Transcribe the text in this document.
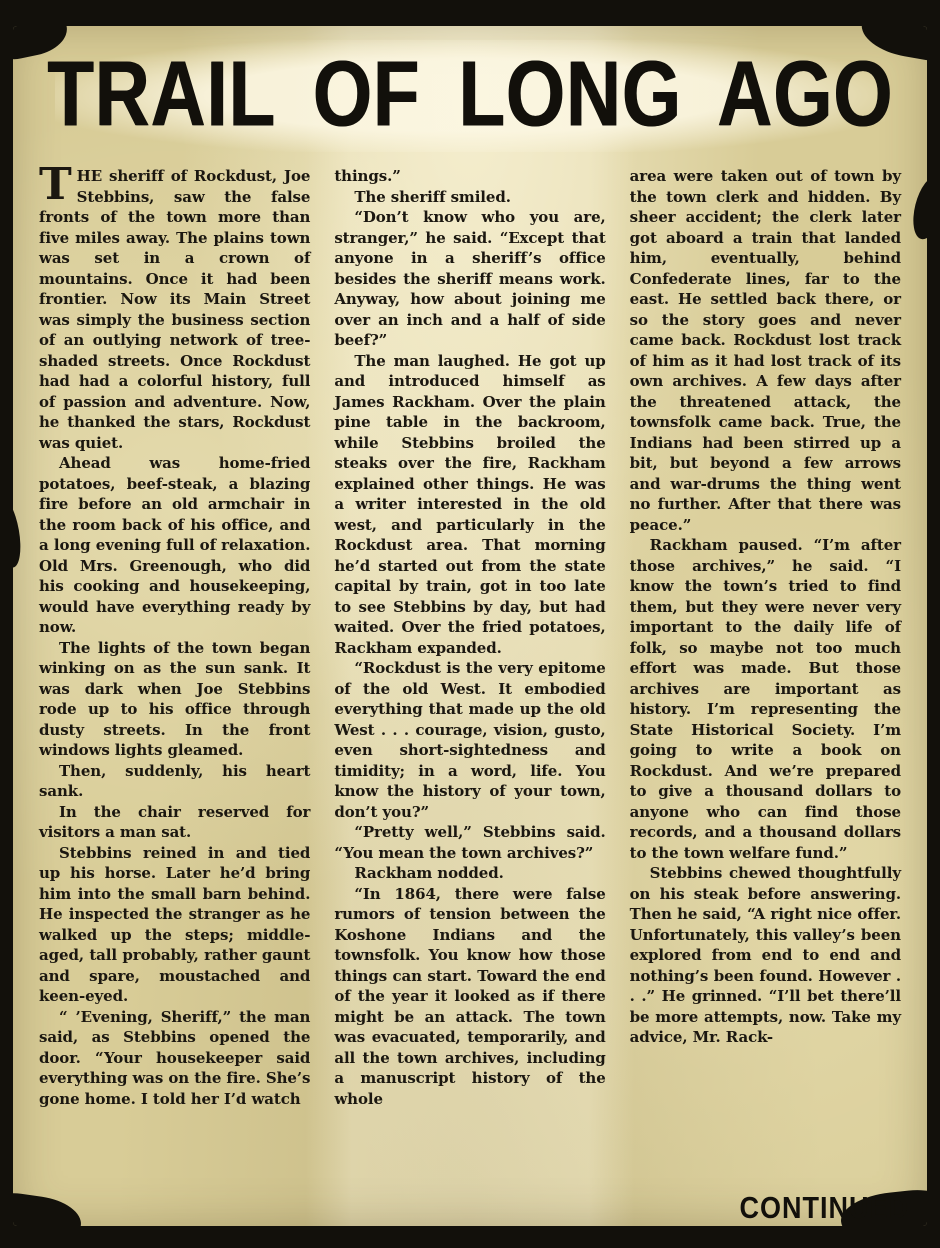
TRAIL OF LONG AGO

THE sheriff of Rockdust, Joe Stebbins, saw the false fronts of the town more than five miles away. The plains town was set in a crown of mountains. Once it had been frontier. Now its Main Street was simply the business section of an outlying network of tree-shaded streets. Once Rockdust had had a colorful history, full of passion and adventure. Now, he thanked the stars, Rockdust was quiet.

Ahead was home-fried potatoes, beef-steak, a blazing fire before an old armchair in the room back of his office, and a long evening full of relaxation. Old Mrs. Greenough, who did his cooking and housekeeping, would have everything ready by now.

The lights of the town began winking on as the sun sank. It was dark when Joe Stebbins rode up to his office through dusty streets. In the front windows lights gleamed.

Then, suddenly, his heart sank.

In the chair reserved for visitors a man sat.

Stebbins reined in and tied up his horse. Later he’d bring him into the small barn behind. He inspected the stranger as he walked up the steps; middle-aged, tall probably, rather gaunt and spare, moustached and keen-eyed.

“ ’Evening, Sheriff,” the man said, as Stebbins opened the door. “Your housekeeper said everything was on the fire. She’s gone home. I told her I’d watch

things.”

The sheriff smiled.

“Don’t know who you are, stranger,” he said. “Except that anyone in a sheriff’s office besides the sheriff means work. Anyway, how about joining me over an inch and a half of side beef?”

The man laughed. He got up and introduced himself as James Rackham. Over the plain pine table in the backroom, while Stebbins broiled the steaks over the fire, Rackham explained other things. He was a writer interested in the old west, and particularly in the Rockdust area. That morning he’d started out from the state capital by train, got in too late to see Stebbins by day, but had waited. Over the fried potatoes, Rackham expanded.

“Rockdust is the very epitome of the old West. It embodied everything that made up the old West . . . courage, vision, gusto, even short-sightedness and timidity; in a word, life. You know the history of your town, don’t you?”

“Pretty well,” Stebbins said. “You mean the town archives?”

Rackham nodded.

“In 1864, there were false rumors of tension between the Koshone Indians and the townsfolk. You know how those things can start. Toward the end of the year it looked as if there might be an attack. The town was evacuated, temporarily, and all the town archives, including a manuscript history of the whole

area were taken out of town by the town clerk and hidden. By sheer accident; the clerk later got aboard a train that landed him, eventually, behind Confederate lines, far to the east. He settled back there, or so the story goes and never came back. Rockdust lost track of him as it had lost track of its own archives. A few days after the threatened attack, the townsfolk came back. True, the Indians had been stirred up a bit, but beyond a few arrows and war-drums the thing went no further. After that there was peace.”

Rackham paused. “I’m after those archives,” he said. “I know the town’s tried to find them, but they were never very important to the daily life of folk, so maybe not too much effort was made. But those archives are important as history. I’m representing the State Historical Society. I’m going to write a book on Rockdust. And we’re prepared to give a thousand dollars to anyone who can find those records, and a thousand dollars to the town welfare fund.”

Stebbins chewed thoughtfully on his steak before answering. Then he said, “A right nice offer. Unfortunately, this valley’s been explored from end to end and nothing’s been found. However . . .” He grinned. “I’ll bet there’ll be more attempts, now. Take my advice, Mr. Rack-

CONTINUED
